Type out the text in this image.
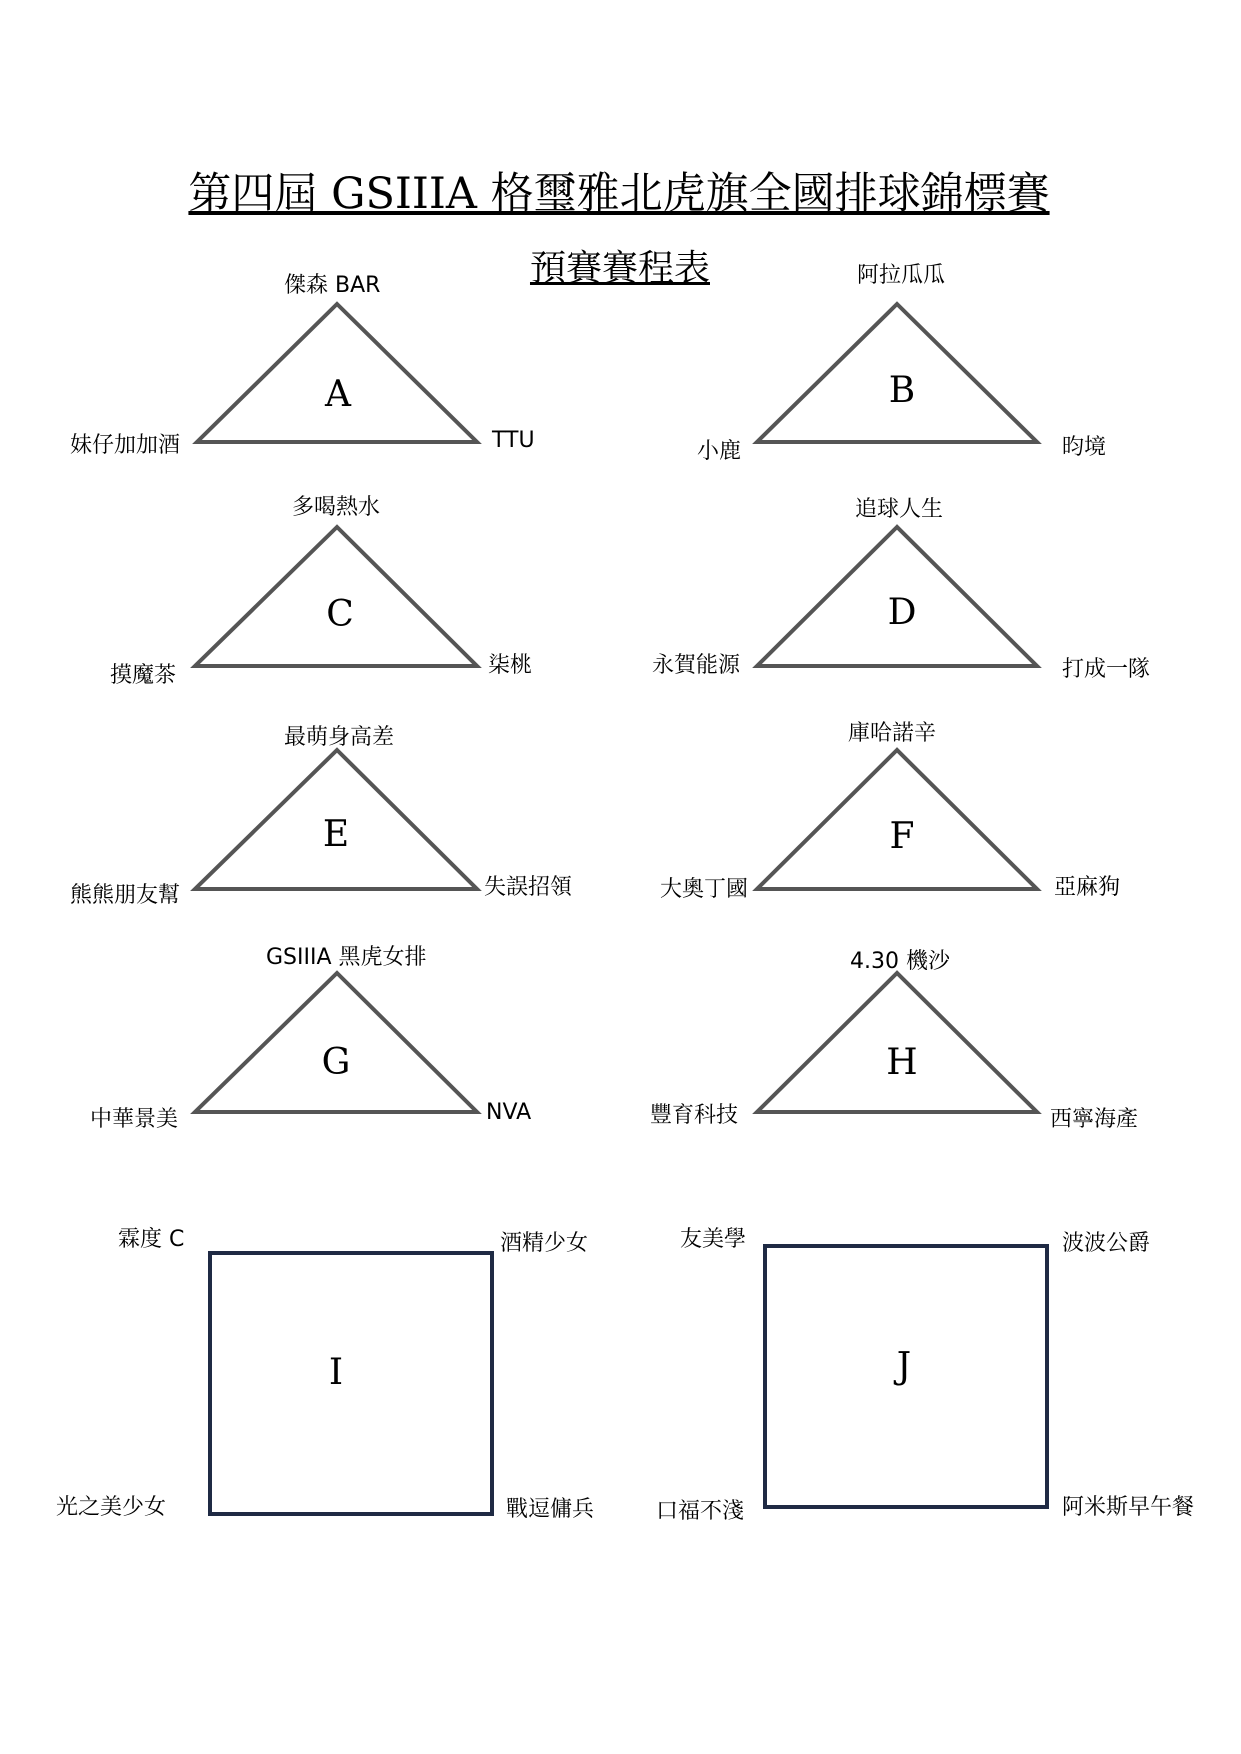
第四屆 GSIIIA 格璽雅北虎旗全國排球錦標賽
預賽賽程表
A
傑森 BAR
妹仔加加酒	TTU
B
阿拉瓜瓜
小鹿	昀境
C
多喝熱水
摸魔茶	柒桃
D
追球人生
永賀能源	打成一隊
E
最萌身高差
熊熊朋友幫	失誤招領
F
庫哈諾辛
大奧丁國	亞麻狗
G
GSIIIA 黑虎女排
中華景美	NVA
H
4.30 機沙
豐育科技	西寧海產
I
霖度 C	酒精少女
光之美少女	戰逗傭兵
J
友美學	波波公爵
口福不淺	阿米斯早午餐
